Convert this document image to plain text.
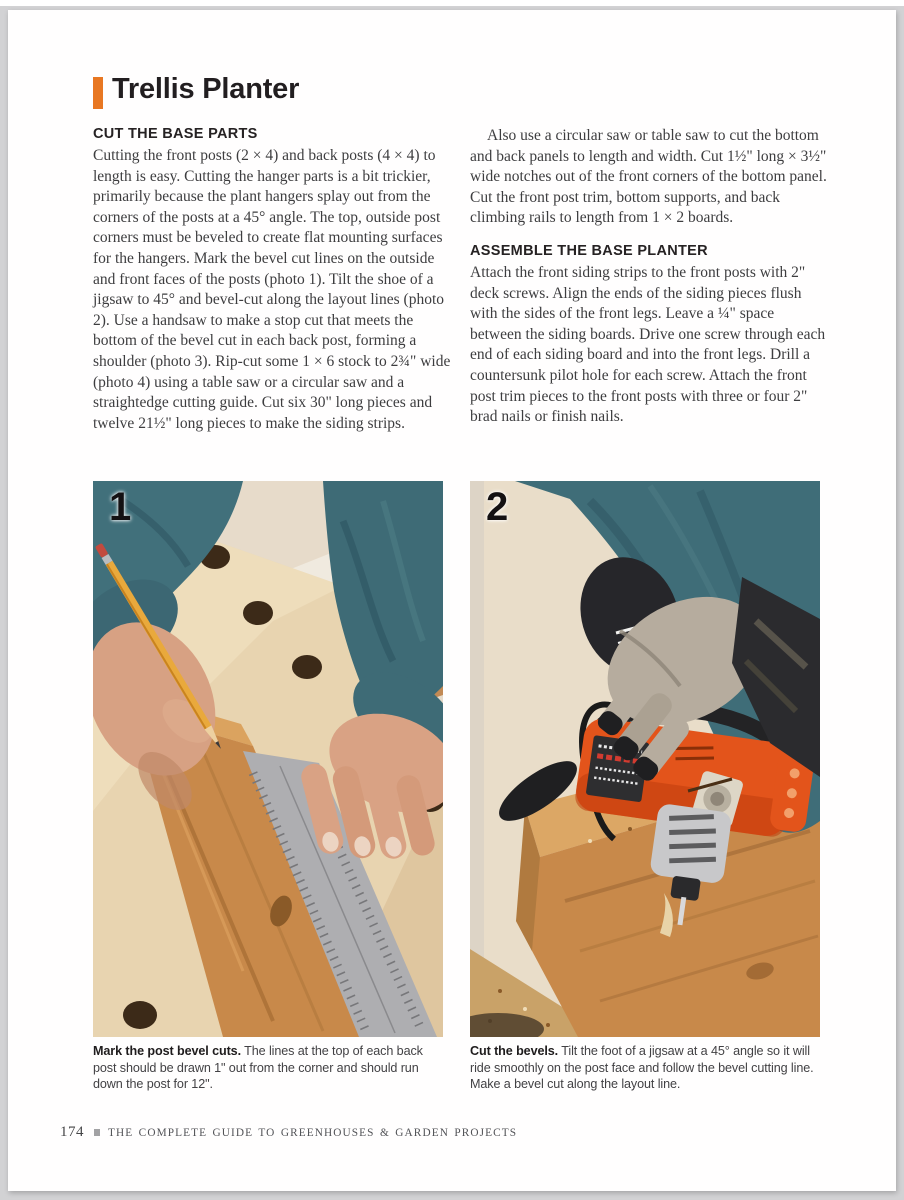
Trellis Planter
CUT THE BASE PARTS

Cutting the front posts (2 × 4) and back posts (4 × 4) to length is easy. Cutting the hanger parts is a bit trickier, primarily because the plant hangers splay out from the corners of the posts at a 45° angle. The top, outside post corners must be beveled to create flat mounting surfaces for the hangers. Mark the bevel cut lines on the outside and front faces of the posts (photo 1). Tilt the shoe of a jigsaw to 45° and bevel-cut along the layout lines (photo 2). Use a handsaw to make a stop cut that meets the bottom of the bevel cut in each back post, forming a shoulder (photo 3). Rip-cut some 1 × 6 stock to 2¾" wide (photo 4) using a table saw or a circular saw and a straightedge cutting guide. Cut six 30" long pieces and twelve 21½" long pieces to make the siding strips.

Also use a circular saw or table saw to cut the bottom and back panels to length and width. Cut 1½" long × 3½" wide notches out of the front corners of the bottom panel. Cut the front post trim, bottom supports, and back climbing rails to length from 1 × 2 boards.

ASSEMBLE THE BASE PLANTER

Attach the front siding strips to the front posts with 2" deck screws. Align the ends of the siding pieces flush with the sides of the front legs. Leave a ¼" space between the siding boards. Drive one screw through each end of each siding board and into the front legs. Drill a countersunk pilot hole for each screw. Attach the front post trim pieces to the front posts with three or four 2" brad nails or finish nails.

1	2
Mark the post bevel cuts. The lines at the top of each back post should be drawn 1" out from the corner and should run down the post for 12".
Cut the bevels. Tilt the foot of a jigsaw at a 45° angle so it will ride smoothly on the post face and follow the bevel cutting line. Make a bevel cut along the layout line.
174 THE COMPLETE GUIDE TO GREENHOUSES & GARDEN PROJECTS
